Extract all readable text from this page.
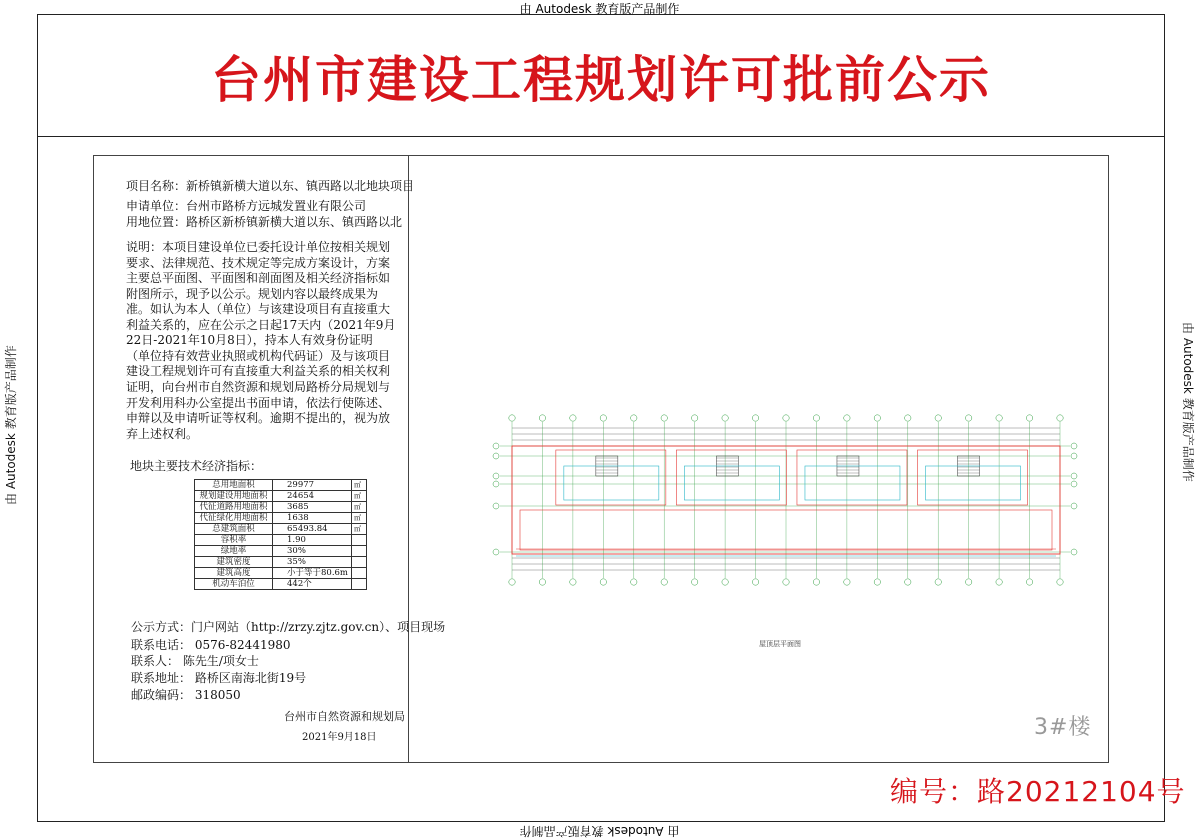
由 Autodesk 教育版产品制作
由 Autodesk 教育版产品制作
由 Autodesk 教育版产品制作	由 Autodesk 教育版产品制作
台州市建设工程规划许可批前公示
项目名称：新桥镇新横大道以东、镇西路以北地块项目
申请单位：台州市路桥方远城发置业有限公司
用地位置：路桥区新桥镇新横大道以东、镇西路以北
说明：本项目建设单位已委托设计单位按相关规划要求、法律规范、技术规定等完成方案设计，方案主要总平面图、平面图和剖面图及相关经济指标如附图所示，现予以公示。规划内容以最终成果为准。 如认为本人（单位）与该建设项目有直接重大利益关系的，应在公示之日起17天内（2021年9月22日-2021年10月8日），持本人有效身份证明（单位持有效营业执照或机构代码证）及与该项目建设工程规划许可有直接重大利益关系的相关权利证明，向台州市自然资源和规划局路桥分局规划与开发利用科办公室提出书面申请，依法行使陈述、申辩以及申请听证等权利。逾期不提出的，视为放弃上述权利。
地块主要技术经济指标：
总用地面积	29977	㎡
规划建设用地面积	24654	㎡
代征道路用地面积	3685	㎡
代征绿化用地面积	1638	㎡
总建筑面积	65493.84	㎡
容积率	1.90	
绿地率	30%	
建筑密度	35%	
建筑高度	小于等于80.6m	
机动车泊位	442个	
公示方式：门户网站（http://zrzy.zjtz.gov.cn）、项目现场
联系电话： 0576-82441980
联系人： 陈先生/项女士
联系地址： 路桥区南海北街19号
邮政编码： 318050
台州市自然资源和规划局
2021年9月18日
屋顶层平面图
3#楼
编号：路20212104号
